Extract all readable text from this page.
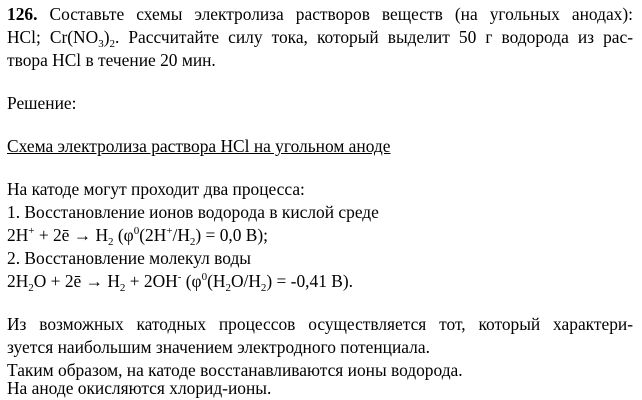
126. Составьте схемы электролиза растворов веществ (на угольных анодах):
HCl; $Cr(NO_3)_2$. Рассчитайте силу тока, который выделит 50 г водорода из рас-
твора HCl в течение 20 мин.
Решение:
Схема электролиза раствора HCl на угольном аноде
На катоде могут проходит два процесса:
1. Восстановление ионов водорода в кислой среде
2H+ + 2ē → $H_2$ ($\varphi^0(2H^+/H_2) = 0,0$ В);
2. Восстановление молекул воды
$2H_2O$ + 2ē → $H_2 + 2OH^-$ ($\varphi^0(H_2O/H_2) = -0,41$ В).
Из возможных катодных процессов осуществляется тот, который характери-
зуется наибольшим значением электродного потенциала.
Таким образом, на катоде восстанавливаются ионы водорода.
На аноде окисляются хлорид-ионы.
